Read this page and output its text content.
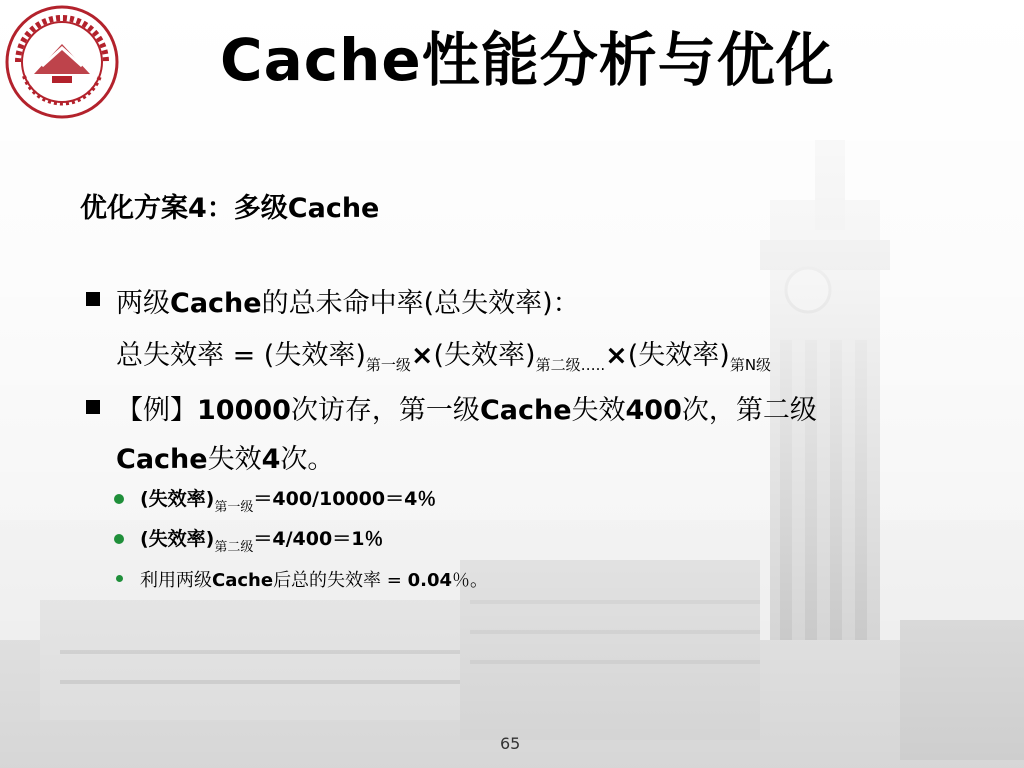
Cache性能分析与优化
优化方案4：多级Cache
两级Cache的总未命中率(总失效率)：
总失效率 = (失效率)$_{第一级}\times$(失效率)$_{第二级\dots..}\times$(失效率)$_{第N级}$
【例】10000次访存，第一级Cache失效400次，第二级
Cache失效4次。
(失效率)$_{第一级}=400/10000=4$％
(失效率)$_{第二级}=4/400=1$％
利用两级Cache后总的失效率 = 0.04％。
65
